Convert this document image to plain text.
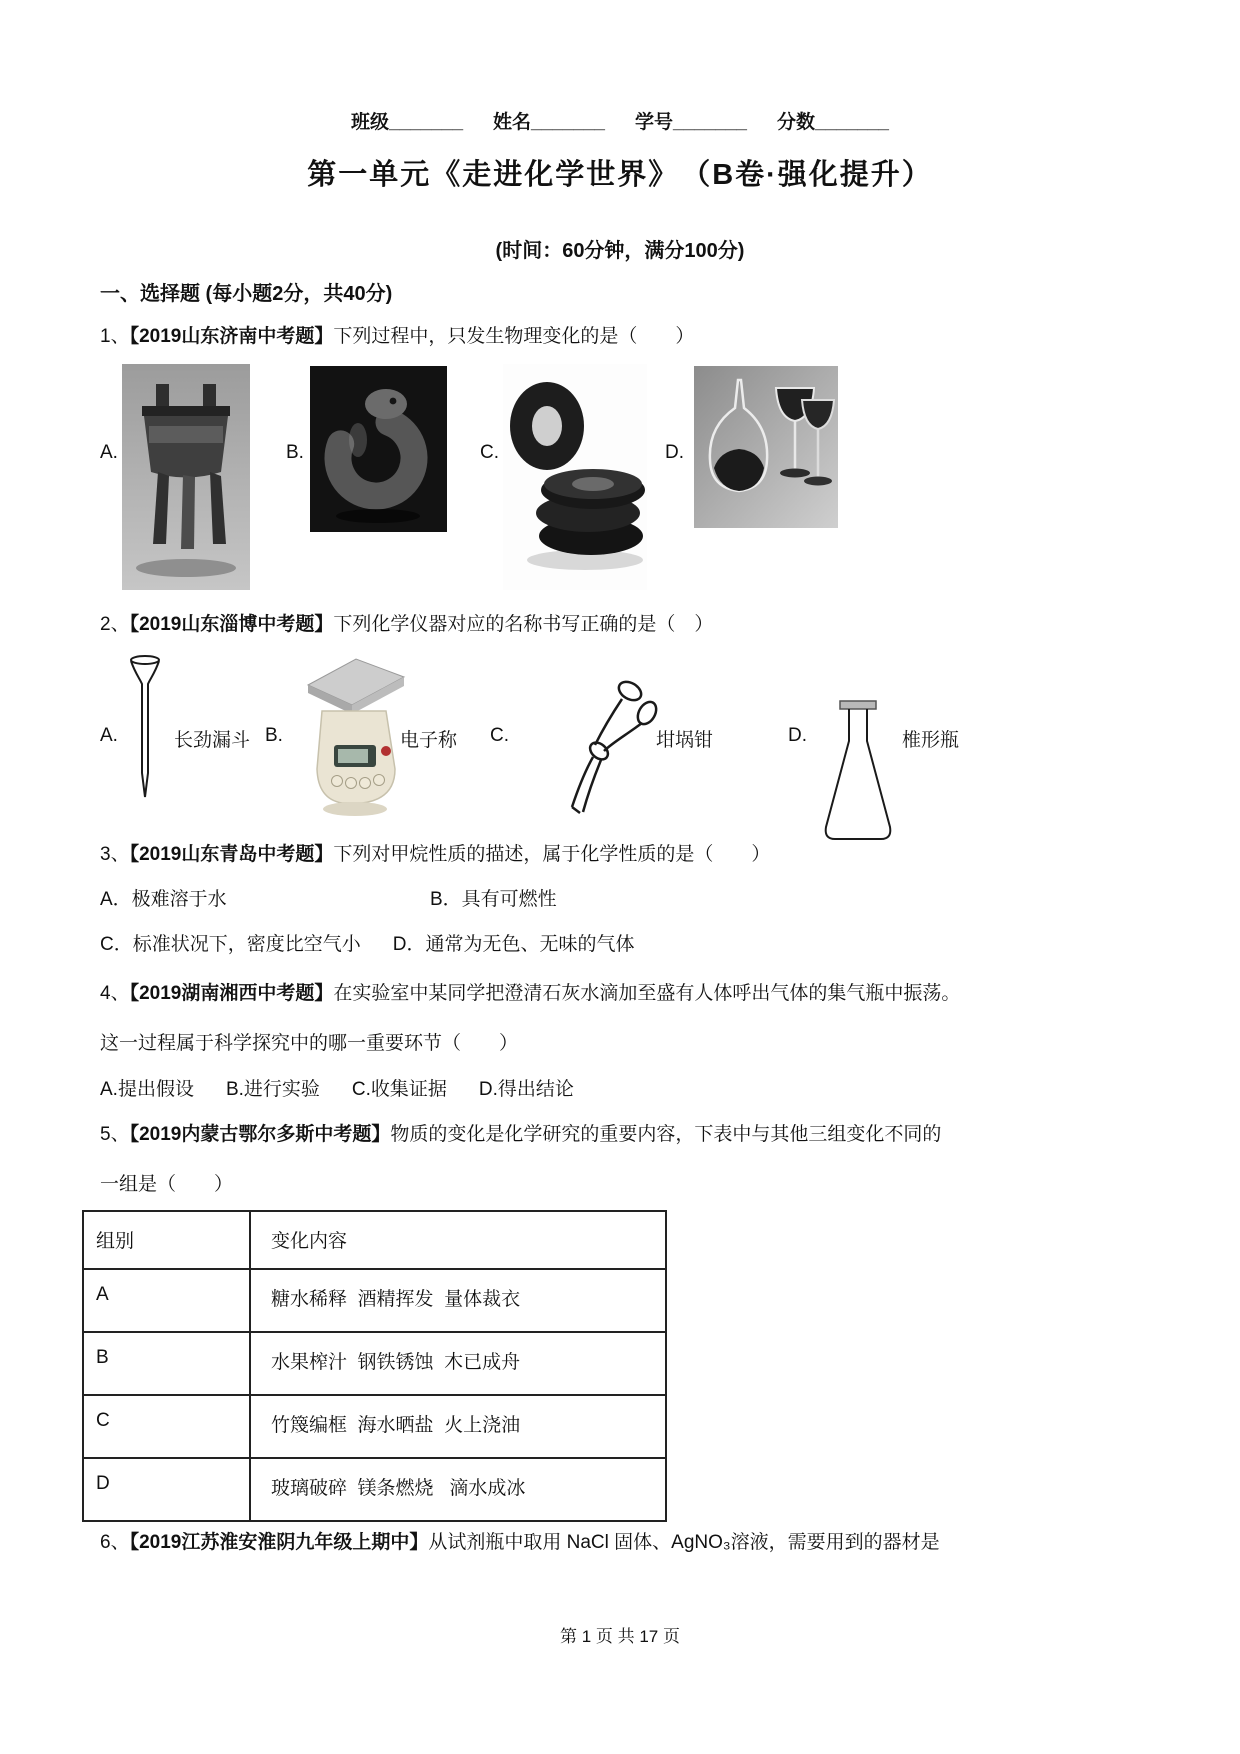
班级_______ 姓名_______ 学号_______ 分数_______
第一单元《走进化学世界》　（B卷·强化提升）
(时间：60分钟，满分100分)
一、选择题 (每小题2分，共40分)
1、【2019山东济南中考题】下列过程中，只发生物理变化的是（　　）
A.	B.	C.	D.
2、【2019山东淄博中考题】下列化学仪器对应的名称书写正确的是（　）
A.	长劲漏斗 B.	电子称 C.	坩埚钳	D.	椎形瓶
3、【2019山东青岛中考题】下列对甲烷性质的描述，属于化学性质的是（　　）
A．极难溶于水	B．具有可燃性
C．标准状况下，密度比空气小 D．通常为无色、无味的气体
4、【2019湖南湘西中考题】在实验室中某同学把澄清石灰水滴加至盛有人体呼出气体的集气瓶中振荡。
这一过程属于科学探究中的哪一重要环节（　　）
A.提出假设 B.进行实验 C.收集证据 D.得出结论
5、【2019内蒙古鄂尔多斯中考题】物质的变化是化学研究的重要内容，下表中与其他三组变化不同的
一组是（　　）
组别	变化内容
A	糖水稀释  酒精挥发  量体裁衣
B	水果榨汁  钢铁锈蚀  木已成舟
C	竹篾编框  海水晒盐  火上浇油
D	玻璃破碎  镁条燃烧   滴水成冰
6、【2019江苏淮安淮阴九年级上期中】从试剂瓶中取用 NaCl 固体、AgNO₃溶液，需要用到的器材是
第 1 页 共 17 页
